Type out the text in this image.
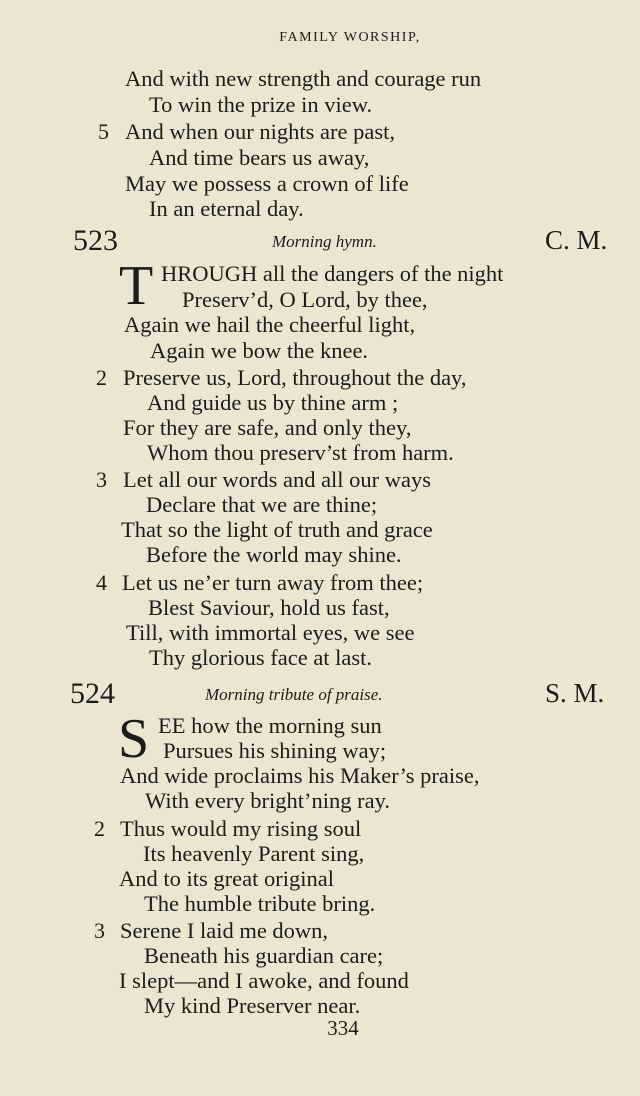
FAMILY WORSHIP,
And with new strength and courage run
To win the prize in view.
5 And when our nights are past,
And time bears us away,
May we possess a crown of life
In an eternal day.
523	Morning hymn.	C. M.
T HROUGH all the dangers of the night
Preserv’d, O Lord, by thee,
Again we hail the cheerful light,
Again we bow the knee.
2 Preserve us, Lord, throughout the day,
And guide us by thine arm ;
For they are safe, and only they,
Whom thou preserv’st from harm.
3 Let all our words and all our ways
Declare that we are thine;
That so the light of truth and grace
Before the world may shine.
4 Let us ne’er turn away from thee;
Blest Saviour, hold us fast,
Till, with immortal eyes, we see
Thy glorious face at last.
524	Morning tribute of praise.	S. M.
S EE how the morning sun
Pursues his shining way;
And wide proclaims his Maker’s praise,
With every bright’ning ray.
2 Thus would my rising soul
Its heavenly Parent sing,
And to its great original
The humble tribute bring.
3 Serene I laid me down,
Beneath his guardian care;
I slept—and I awoke, and found
My kind Preserver near.
334
